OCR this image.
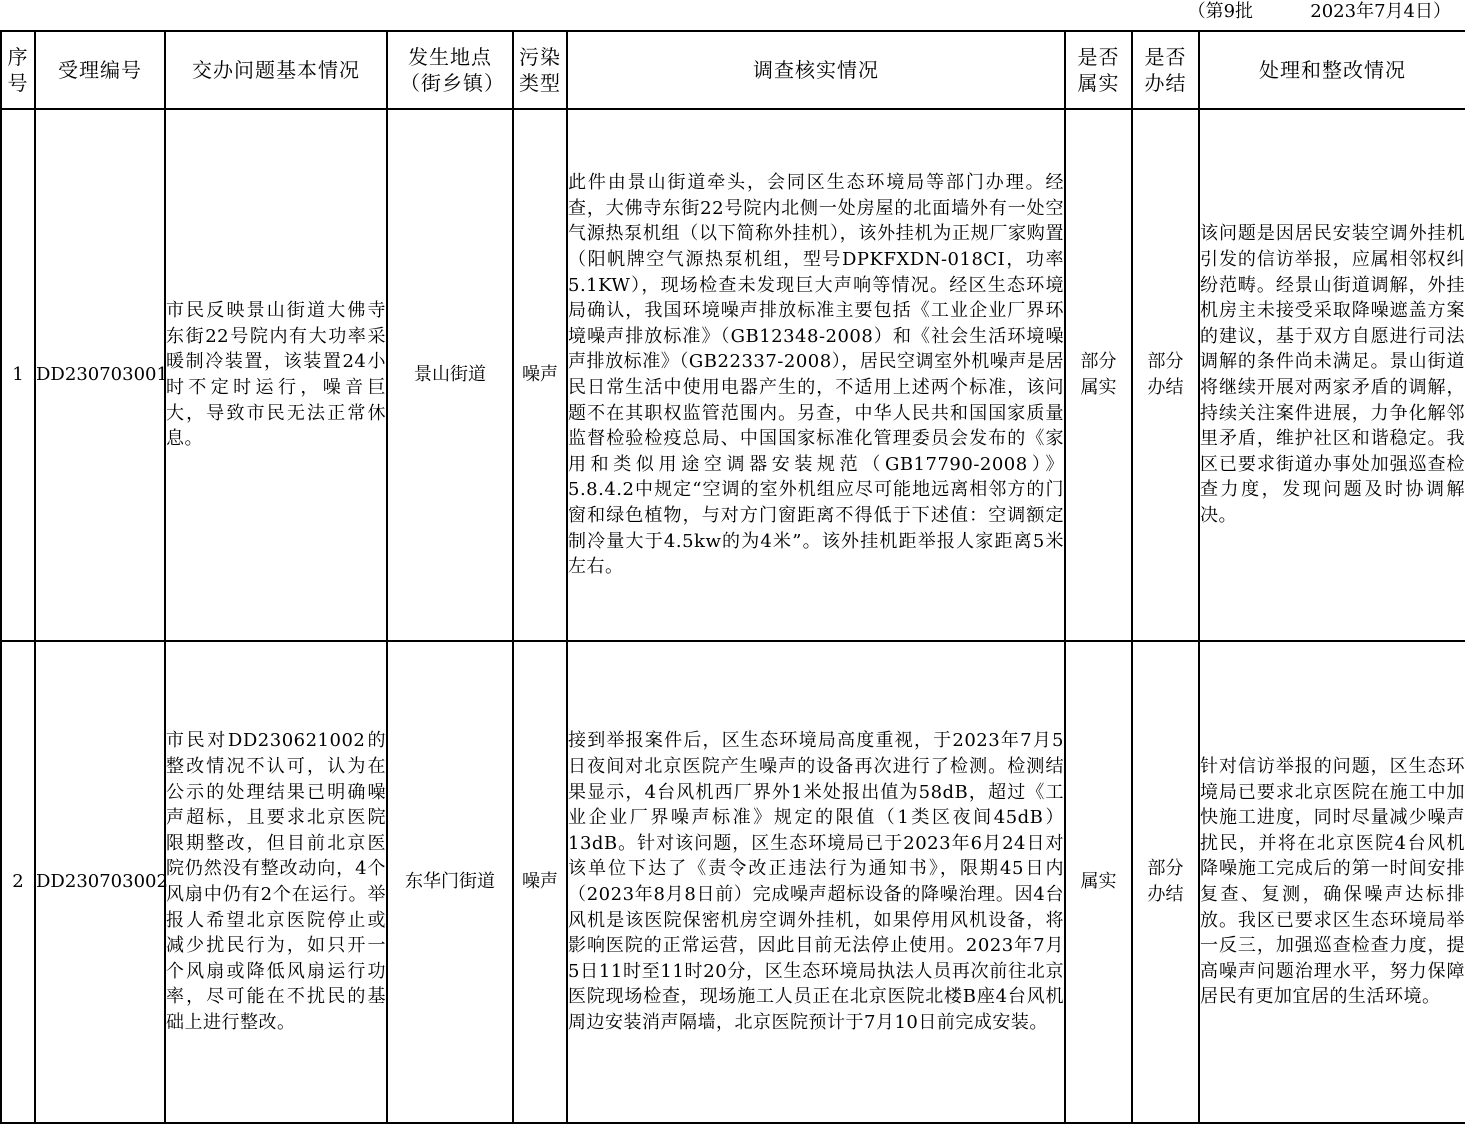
（第9批          2023年7月4日）
序号	受理编号	交办问题基本情况	发生地点（街乡镇）	污染类型	调查核实情况	是否属实	是否办结	处理和整改情况
1	DD230703001	市民反映景山街道大佛寺东街22号院内有大功率采暖制冷装置，该装置24小时不定时运行，噪音巨大，导致市民无法正常休息。	景山街道	噪声	此件由景山街道牵头，会同区生态环境局等部门办理。经查，大佛寺东街22号院内北侧一处房屋的北面墙外有一处空气源热泵机组（以下简称外挂机），该外挂机为正规厂家购置（阳帆牌空气源热泵机组，型号DPKFXDN-018CI，功率5.1KW），现场检查未发现巨大声响等情况。经区生态环境局确认，我国环境噪声排放标准主要包括《工业企业厂界环境噪声排放标准》（GB12348-2008）和《社会生活环境噪声排放标准》（GB22337-2008），居民空调室外机噪声是居民日常生活中使用电器产生的，不适用上述两个标准，该问题不在其职权监管范围内。另查，中华人民共和国国家质量监督检验检疫总局、中国国家标准化管理委员会发布的《家用和类似用途空调器安装规范（GB17790-2008）》5.8.4.2中规定“空调的室外机组应尽可能地远离相邻方的门窗和绿色植物，与对方门窗距离不得低于下述值：空调额定制冷量大于4.5kw的为4米”。该外挂机距举报人家距离5米左右。	部分属实	部分办结	该问题是因居民安装空调外挂机引发的信访举报，应属相邻权纠纷范畴。经景山街道调解，外挂机房主未接受采取降噪遮盖方案的建议，基于双方自愿进行司法调解的条件尚未满足。景山街道将继续开展对两家矛盾的调解，持续关注案件进展，力争化解邻里矛盾，维护社区和谐稳定。我区已要求街道办事处加强巡查检查力度，发现问题及时协调解决。

2	DD230703002	市民对DD230621002的整改情况不认可，认为在公示的处理结果已明确噪声超标，且要求北京医院限期整改，但目前北京医院仍然没有整改动向，4个风扇中仍有2个在运行。举报人希望北京医院停止或减少扰民行为，如只开一个风扇或降低风扇运行功率，尽可能在不扰民的基础上进行整改。	东华门街道	噪声	接到举报案件后，区生态环境局高度重视，于2023年7月5日夜间对北京医院产生噪声的设备再次进行了检测。检测结果显示，4台风机西厂界外1米处报出值为58dB，超过《工业企业厂界噪声标准》规定的限值（1类区夜间45dB）13dB。针对该问题，区生态环境局已于2023年6月24日对该单位下达了《责令改正违法行为通知书》，限期45日内（2023年8月8日前）完成噪声超标设备的降噪治理。因4台风机是该医院保密机房空调外挂机，如果停用风机设备，将影响医院的正常运营，因此目前无法停止使用。2023年7月5日11时至11时20分，区生态环境局执法人员再次前往北京医院现场检查，现场施工人员正在北京医院北楼B座4台风机周边安装消声隔墙，北京医院预计于7月10日前完成安装。	属实	部分办结	针对信访举报的问题，区生态环境局已要求北京医院在施工中加快施工进度，同时尽量减少噪声扰民，并将在北京医院4台风机降噪施工完成后的第一时间安排复查、复测，确保噪声达标排放。我区已要求区生态环境局举一反三，加强巡查检查力度，提高噪声问题治理水平，努力保障居民有更加宜居的生活环境。
